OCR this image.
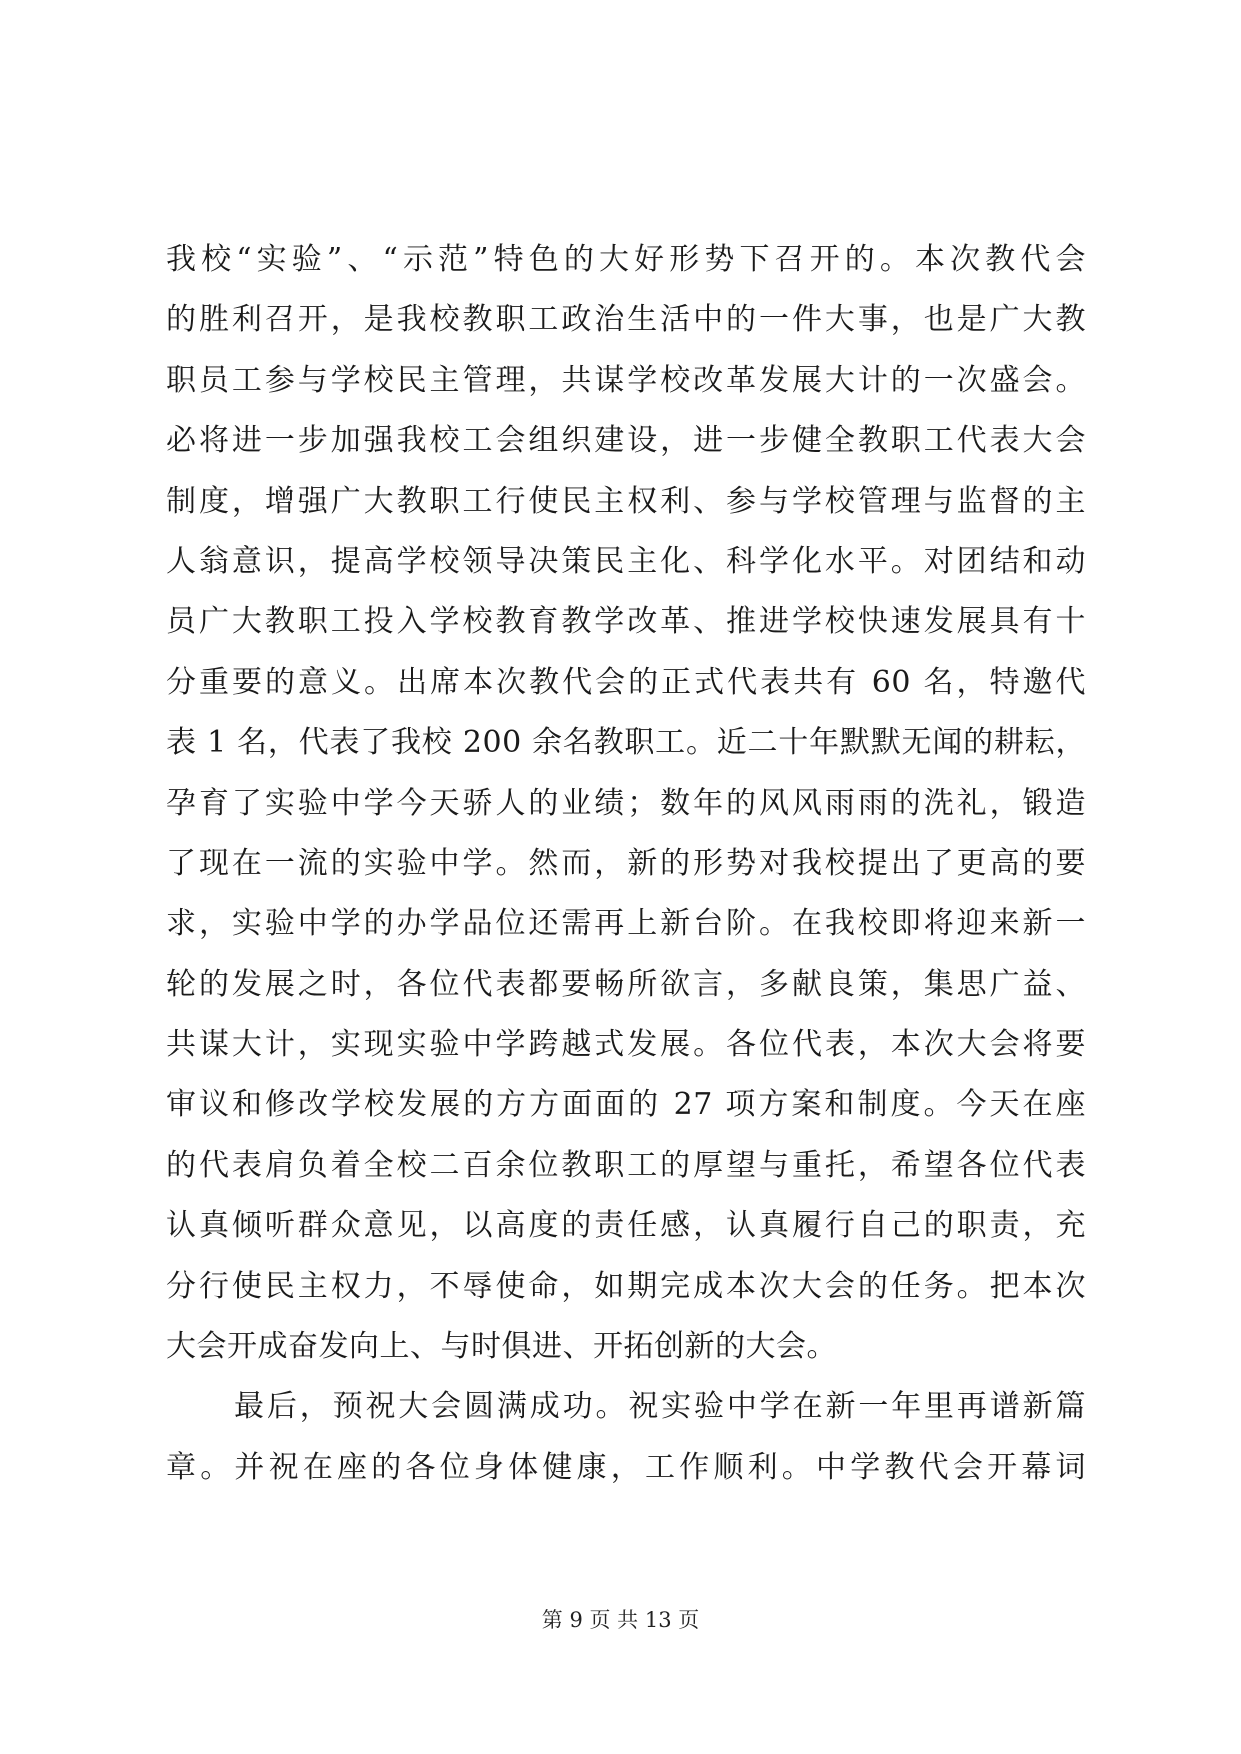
我校“实验”、“示范”特色的大好形势下召开的。本次教代会
的胜利召开，是我校教职工政治生活中的一件大事，也是广大教
职员工参与学校民主管理，共谋学校改革发展大计的一次盛会。
必将进一步加强我校工会组织建设，进一步健全教职工代表大会
制度，增强广大教职工行使民主权利、参与学校管理与监督的主
人翁意识，提高学校领导决策民主化、科学化水平。对团结和动
员广大教职工投入学校教育教学改革、推进学校快速发展具有十
分重要的意义。出席本次教代会的正式代表共有 60 名，特邀代
表 1 名，代表了我校 200 余名教职工。近二十年默默无闻的耕耘，
孕育了实验中学今天骄人的业绩；数年的风风雨雨的洗礼，锻造
了现在一流的实验中学。然而，新的形势对我校提出了更高的要
求，实验中学的办学品位还需再上新台阶。在我校即将迎来新一
轮的发展之时，各位代表都要畅所欲言，多献良策，集思广益、
共谋大计，实现实验中学跨越式发展。各位代表，本次大会将要
审议和修改学校发展的方方面面的 27 项方案和制度。今天在座
的代表肩负着全校二百余位教职工的厚望与重托，希望各位代表
认真倾听群众意见，以高度的责任感，认真履行自己的职责，充
分行使民主权力，不辱使命，如期完成本次大会的任务。把本次
大会开成奋发向上、与时俱进、开拓创新的大会。
最后，预祝大会圆满成功。祝实验中学在新一年里再谱新篇
章。并祝在座的各位身体健康，工作顺利。中学教代会开幕词
第 9 页 共 13 页
